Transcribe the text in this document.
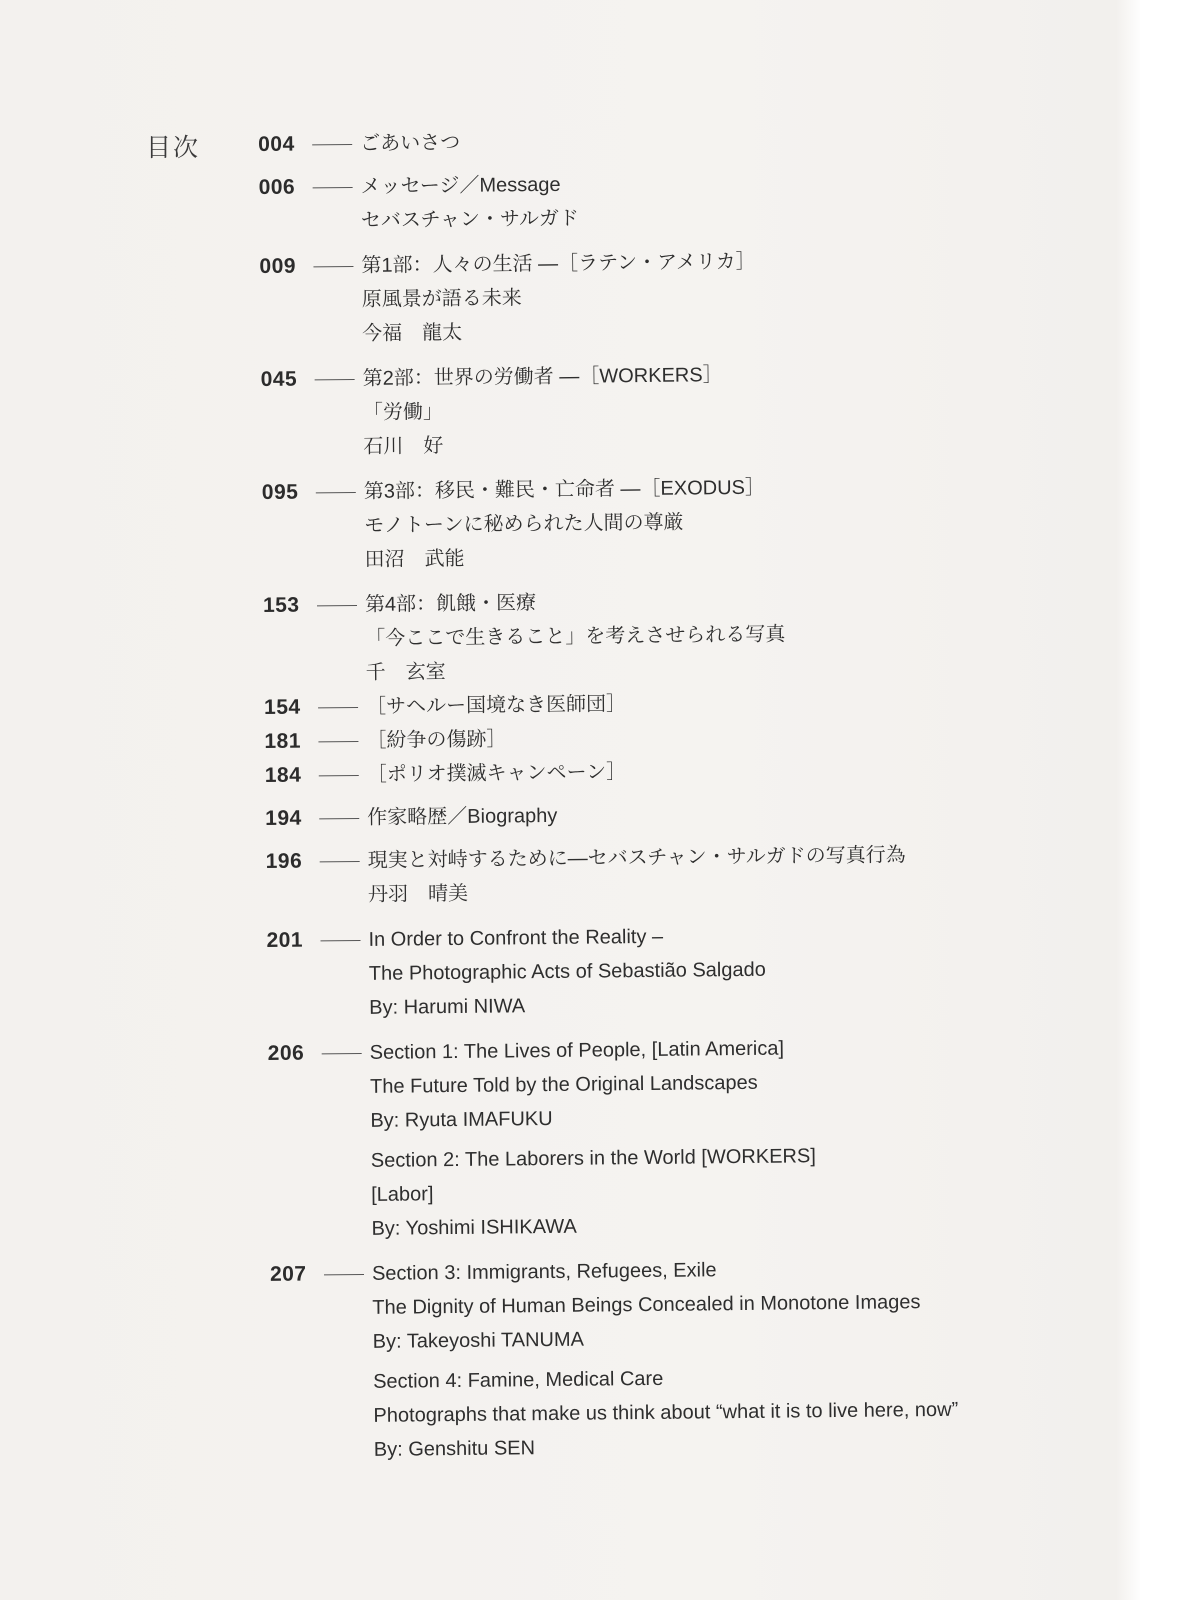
目次	004	ごあいさつ
006	メッセージ／Message
セバスチャン・サルガド
009	第1部：人々の生活 ―［ラテン・アメリカ］
原風景が語る未来
今福　龍太
045	第2部：世界の労働者 ―［WORKERS］
「労働」
石川　好
095	第3部：移民・難民・亡命者 ―［EXODUS］
モノトーンに秘められた人間の尊厳
田沼　武能
153	第4部：飢餓・医療
「今ここで生きること」を考えさせられる写真
千　玄室
154	［サヘルー国境なき医師団］
181	［紛争の傷跡］
184	［ポリオ撲滅キャンペーン］
194	作家略歴／Biography
196	現実と対峙するために―セバスチャン・サルガドの写真行為
丹羽　晴美
201	In Order to Confront the Reality –
The Photographic Acts of Sebastião Salgado
By: Harumi NIWA
206	Section 1: The Lives of People, [Latin America]
The Future Told by the Original Landscapes
By: Ryuta IMAFUKU
Section 2: The Laborers in the World [WORKERS]
[Labor]
By: Yoshimi ISHIKAWA
207	Section 3: Immigrants, Refugees, Exile
The Dignity of Human Beings Concealed in Monotone Images
By: Takeyoshi TANUMA
Section 4: Famine, Medical Care
Photographs that make us think about “what it is to live here, now”
By: Genshitu SEN
